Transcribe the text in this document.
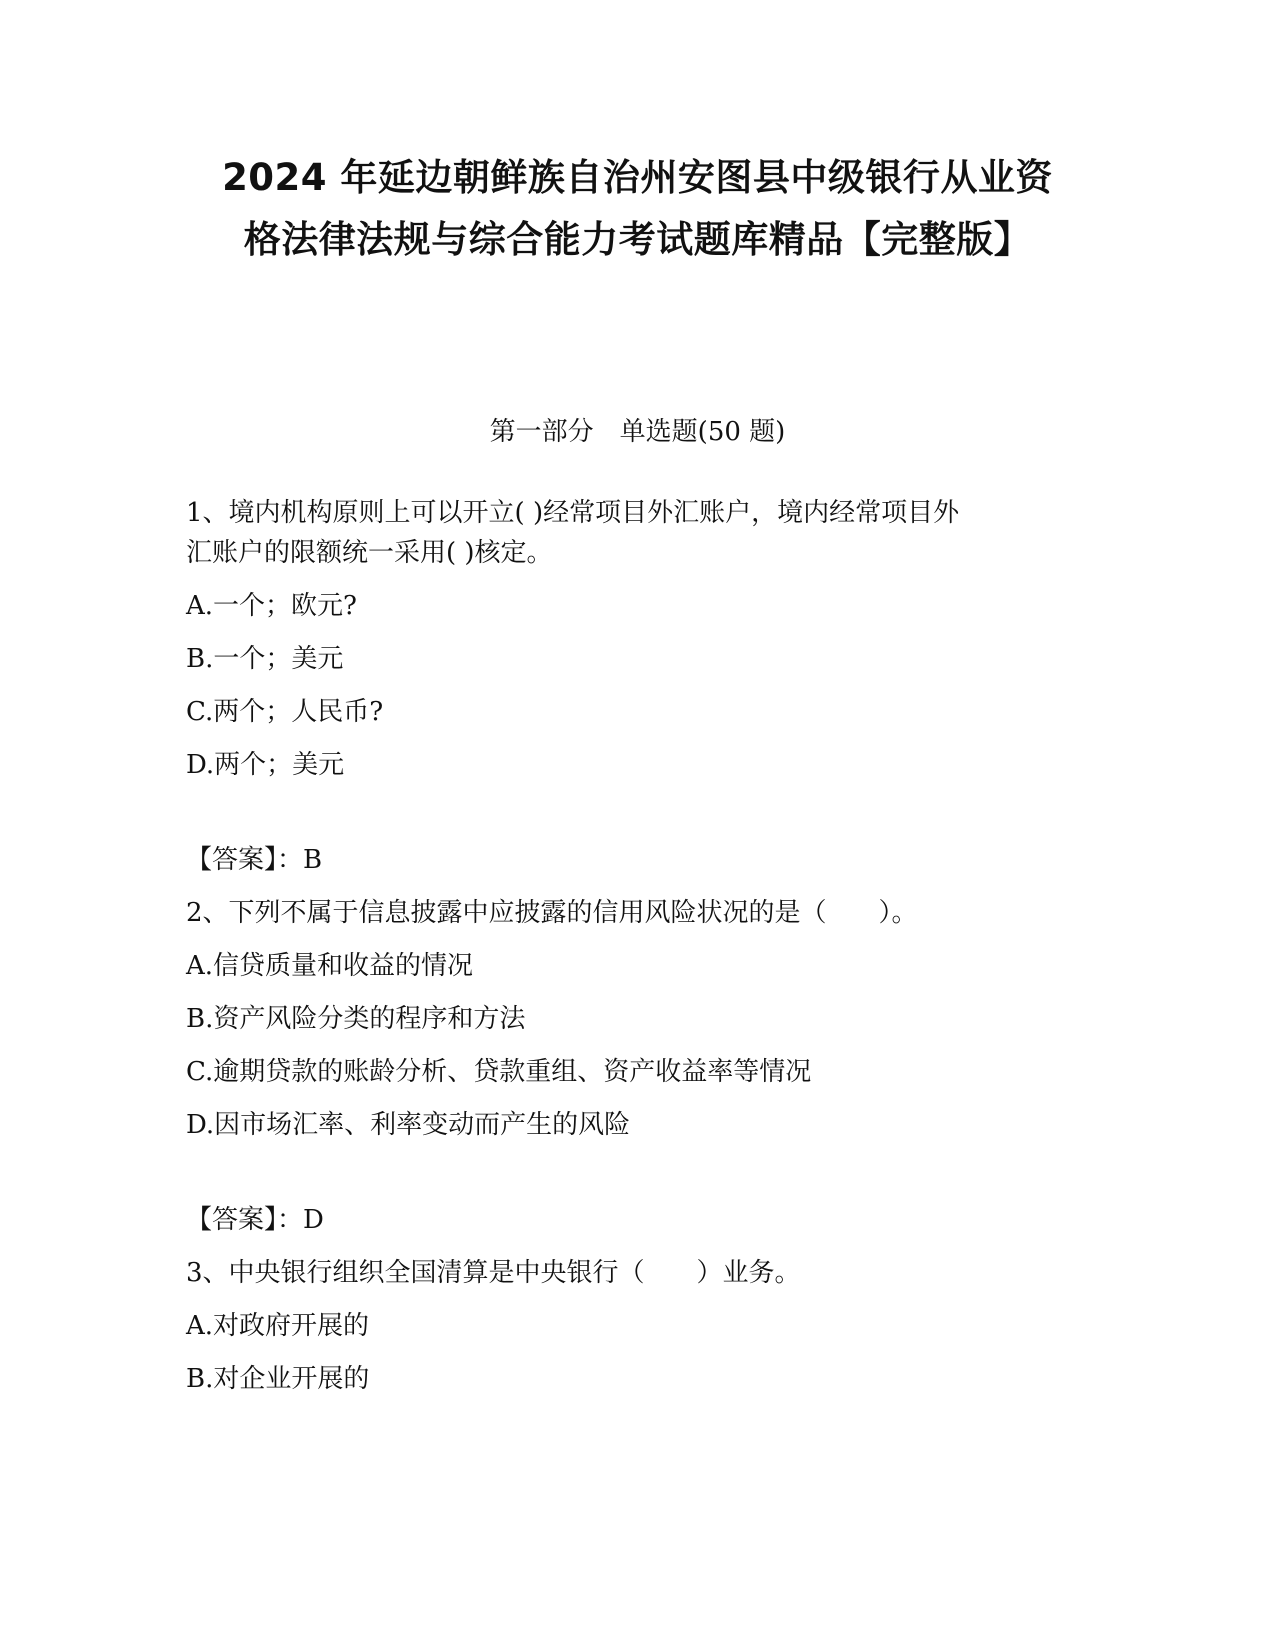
2024 年延边朝鲜族自治州安图县中级银行从业资
格法律法规与综合能力考试题库精品【完整版】
第一部分　单选题(50 题)
1、境内机构原则上可以开立( )经常项目外汇账户，境内经常项目外
汇账户的限额统一采用( )核定。
A.一个；欧元?
B.一个；美元
C.两个；人民币?
D.两个；美元
【答案】：B
2、下列不属于信息披露中应披露的信用风险状况的是（　　）。
A.信贷质量和收益的情况
B.资产风险分类的程序和方法
C.逾期贷款的账龄分析、贷款重组、资产收益率等情况
D.因市场汇率、利率变动而产生的风险
【答案】：D
3、中央银行组织全国清算是中央银行（　　）业务。
A.对政府开展的
B.对企业开展的
